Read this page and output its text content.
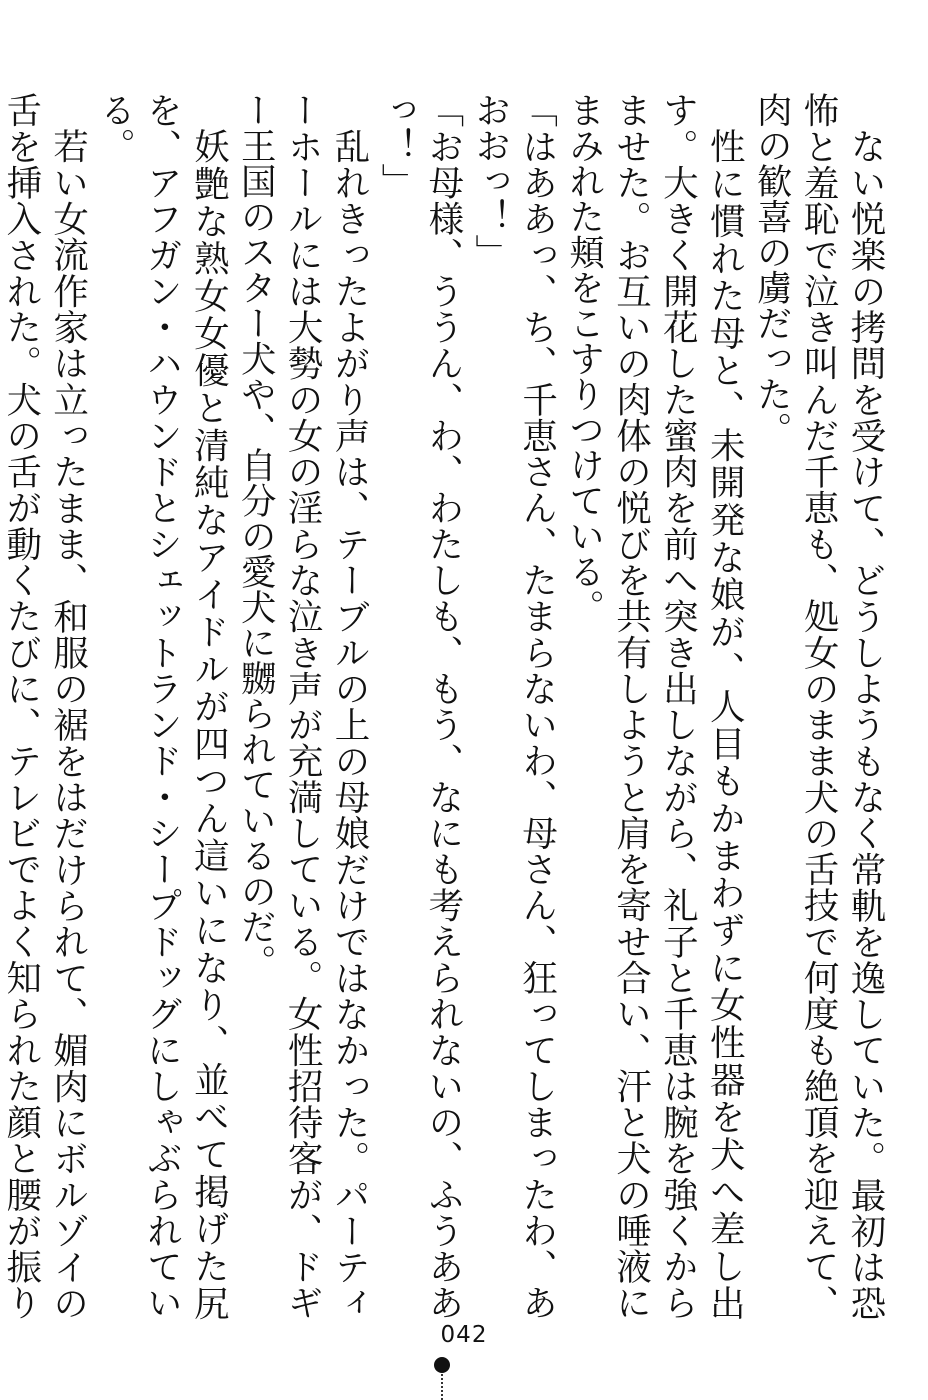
ない悦楽の拷問を受けて、どうしようもなく常軌を逸していた。最初は恐怖と羞恥で泣き叫んだ千恵も、処女のまま犬の舌技で何度も絶頂を迎えて、肉の歓喜の虜だった。

性に慣れた母と、未開発な娘が、人目もかまわずに女性器を犬へ差し出す。大きく開花した蜜肉を前へ突き出しながら、礼子と千恵は腕を強くからませた。お互いの肉体の悦びを共有しようと肩を寄せ合い、汗と犬の唾液にまみれた頬をこすりつけている。

「はああっ、ち、千恵さん、たまらないわ、母さん、狂ってしまったわ、あおおっ！」

「お母様、ううん、わ、わたしも、もう、なにも考えられないの、ふうああっ！」

乱れきったよがり声は、テーブルの上の母娘だけではなかった。パーティーホールには大勢の女の淫らな泣き声が充満している。女性招待客が、ドギー王国のスター犬や、自分の愛犬に嬲られているのだ。

妖艶な熟女女優と清純なアイドルが四つん這いになり、並べて掲げた尻を、アフガン・ハウンドとシェットランド・シープドッグにしゃぶられている。

若い女流作家は立ったまま、和服の裾をはだけられて、媚肉にボルゾイの舌を挿入された。犬の舌が動くたびに、テレビでよく知られた顔と腰が振り

042
